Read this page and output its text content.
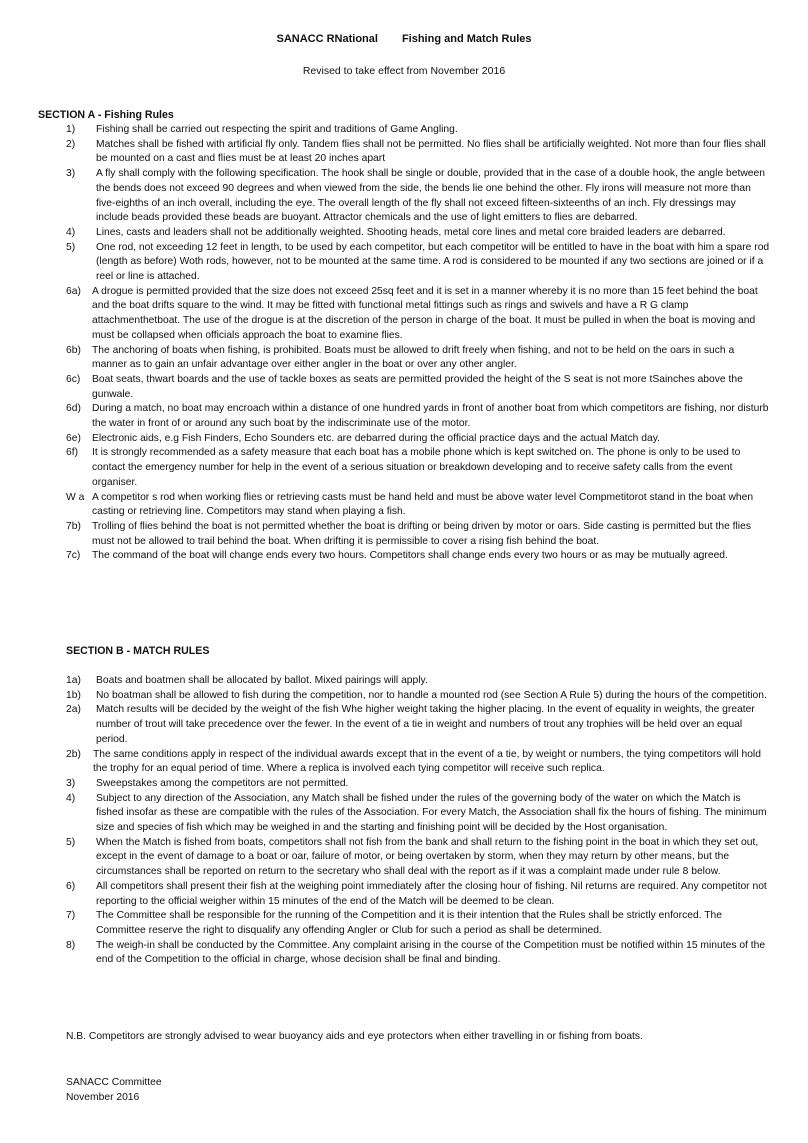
SANACC RNational Fishing and Match Rules
Revised to take effect from November 2016
SECTION A - Fishing Rules
1) Fishing shall be carried out respecting the spirit and traditions of Game Angling.
2) Matches shall be fished with artificial fly only. Tandem flies shall not be permitted. No flies shall be artificially weighted. Not more than four flies shall be mounted on a cast and flies must be at least 20 inches apart
3) A fly shall comply with the following specification. The hook shall be single or double, provided that in the case of a double hook, the angle between the bends does not exceed 90 degrees and when viewed from the side, the bends lie one behind the other. Fly irons will measure not more than five-eighths of an inch overall, including the eye. The overall length of the fly shall not exceed fifteen-sixteenths of an inch. Fly dressings may include beads provided these beads are buoyant. Attractor chemicals and the use of light emitters to flies are debarred.
4) Lines, casts and leaders shall not be additionally weighted. Shooting heads, metal core lines and metal core braided leaders are debarred.
5) One rod, not exceeding 12 feet in length, to be used by each competitor, but each competitor will be entitled to have in the boat with him a spare rod (length as before) Woth rods, however, not to be mounted at the same time. A rod is considered to be mounted if any two sections are joined or if a reel or line is attached.
6a) A drogue is permitted provided that the size does not exceed 25sq feet and it is set in a manner whereby it is no more than 15 feet behind the boat and the boat drifts square to the wind. It may be fitted with functional metal fittings such as rings and swivels and have a R G clamp attachmenthetboat. The use of the drogue is at the discretion of the person in charge of the boat. It must be pulled in when the boat is moving and must be collapsed when officials approach the boat to examine flies.
6b) The anchoring of boats when fishing, is prohibited. Boats must be allowed to drift freely when fishing, and not to be held on the oars in such a manner as to gain an unfair advantage over either angler in the boat or over any other angler.
6c) Boat seats, thwart boards and the use of tackle boxes as seats are permitted provided the height of the S seat is not more tSainches above the gunwale.
6d) During a match, no boat may encroach within a distance of one hundred yards in front of another boat from which competitors are fishing, nor disturb the water in front of or around any such boat by the indiscriminate use of the motor.
6e) Electronic aids, e.g Fish Finders, Echo Sounders etc. are debarred during the official practice days and the actual Match day.
6f) It is strongly recommended as a safety measure that each boat has a mobile phone which is kept switched on. The phone is only to be used to contact the emergency number for help in the event of a serious situation or breakdown developing and to receive safety calls from the event organiser.
W a A competitor s rod when working flies or retrieving casts must be hand held and must be above water level Compmetitorot stand in the boat when casting or retrieving line. Competitors may stand when playing a fish.
7b) Trolling of flies behind the boat is not permitted whether the boat is drifting or being driven by motor or oars. Side casting is permitted but the flies must not be allowed to trail behind the boat. When drifting it is permissible to cover a rising fish behind the boat.
7c) The command of the boat will change ends every two hours. Competitors shall change ends every two hours or as may be mutually agreed.
SECTION B - MATCH RULES
1a) Boats and boatmen shall be allocated by ballot. Mixed pairings will apply.
1b) No boatman shall be allowed to fish during the competition, nor to handle a mounted rod (see Section A Rule 5) during the hours of the competition.
2a) Match results will be decided by the weight of the fish Whe higher weight taking the higher placing. In the event of equality in weights, the greater number of trout will take precedence over the fewer. In the event of a tie in weight and numbers of trout any trophies will be held over an equal period.
2b) The same conditions apply in respect of the individual awards except that in the event of a tie, by weight or numbers, the tying competitors will hold the trophy for an equal period of time. Where a replica is involved each tying competitor will receive such replica.
3) Sweepstakes among the competitors are not permitted.
4) Subject to any direction of the Association, any Match shall be fished under the rules of the governing body of the water on which the Match is fished insofar as these are compatible with the rules of the Association. For every Match, the Association shall fix the hours of fishing. The minimum size and species of fish which may be weighed in and the starting and finishing point will be decided by the Host organisation.
5) When the Match is fished from boats, competitors shall not fish from the bank and shall return to the fishing point in the boat in which they set out, except in the event of damage to a boat or oar, failure of motor, or being overtaken by storm, when they may return by other means, but the circumstances shall be reported on return to the secretary who shall deal with the report as if it was a complaint made under rule 8 below.
6) All competitors shall present their fish at the weighing point immediately after the closing hour of fishing. Nil returns are required. Any competitor not reporting to the official weigher within 15 minutes of the end of the Match will be deemed to be clean.
7) The Committee shall be responsible for the running of the Competition and it is their intention that the Rules shall be strictly enforced. The Committee reserve the right to disqualify any offending Angler or Club for such a period as shall be determined.
8) The weigh-in shall be conducted by the Committee. Any complaint arising in the course of the Competition must be notified within 15 minutes of the end of the Competition to the official in charge, whose decision shall be final and binding.
N.B. Competitors are strongly advised to wear buoyancy aids and eye protectors when either travelling in or fishing from boats.
SANACC Committee
November 2016
